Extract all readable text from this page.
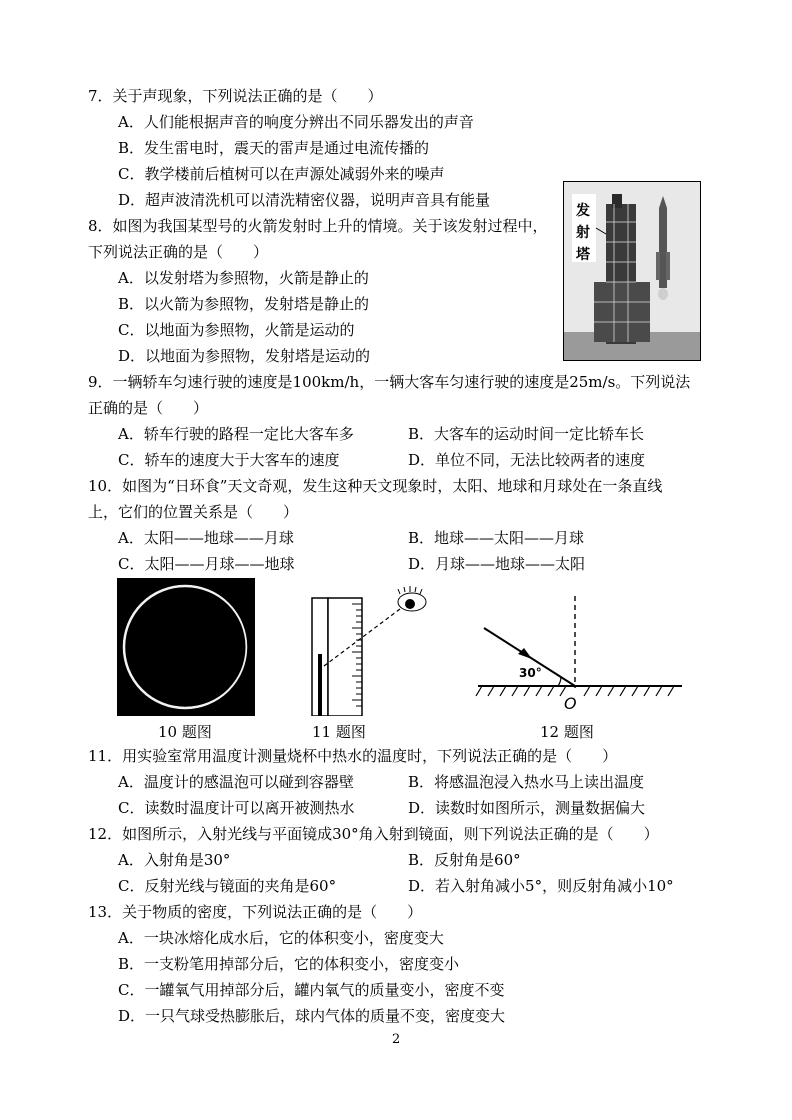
7．关于声现象，下列说法正确的是（　　）
A．人们能根据声音的响度分辨出不同乐器发出的声音
B．发生雷电时，震天的雷声是通过电流传播的
C．教学楼前后植树可以在声源处减弱外来的噪声
D．超声波清洗机可以清洗精密仪器，说明声音具有能量
8．如图为我国某型号的火箭发射时上升的情境。关于该发射过程中，
下列说法正确的是（　　）
A．以发射塔为参照物，火箭是静止的
B．以火箭为参照物，发射塔是静止的
C．以地面为参照物，火箭是运动的
D．以地面为参照物，发射塔是运动的
发
射
塔
9．一辆轿车匀速行驶的速度是100km/h，一辆大客车匀速行驶的速度是25m/s。下列说法
正确的是（　　）
A．轿车行驶的路程一定比大客车多	B．大客车的运动时间一定比轿车长
C．轿车的速度大于大客车的速度	D．单位不同，无法比较两者的速度
10．如图为“日环食”天文奇观，发生这种天文现象时，太阳、地球和月球处在一条直线
上，它们的位置关系是（　　）
A．太阳——地球——月球	B．地球——太阳——月球
C．太阳——月球——地球	D．月球——地球——太阳
10 题图	11 题图
30°
O
12 题图
11．用实验室常用温度计测量烧杯中热水的温度时，下列说法正确的是（　　）
A．温度计的感温泡可以碰到容器壁	B．将感温泡浸入热水马上读出温度
C．读数时温度计可以离开被测热水	D．读数时如图所示，测量数据偏大
12．如图所示，入射光线与平面镜成30°角入射到镜面，则下列说法正确的是（　　）
A．入射角是30°	B．反射角是60°
C．反射光线与镜面的夹角是60°	D．若入射角减小5°，则反射角减小10°
13．关于物质的密度，下列说法正确的是（　　）
A．一块冰熔化成水后，它的体积变小，密度变大
B．一支粉笔用掉部分后，它的体积变小，密度变小
C．一罐氧气用掉部分后，罐内氧气的质量变小，密度不变
D．一只气球受热膨胀后，球内气体的质量不变，密度变大
2
